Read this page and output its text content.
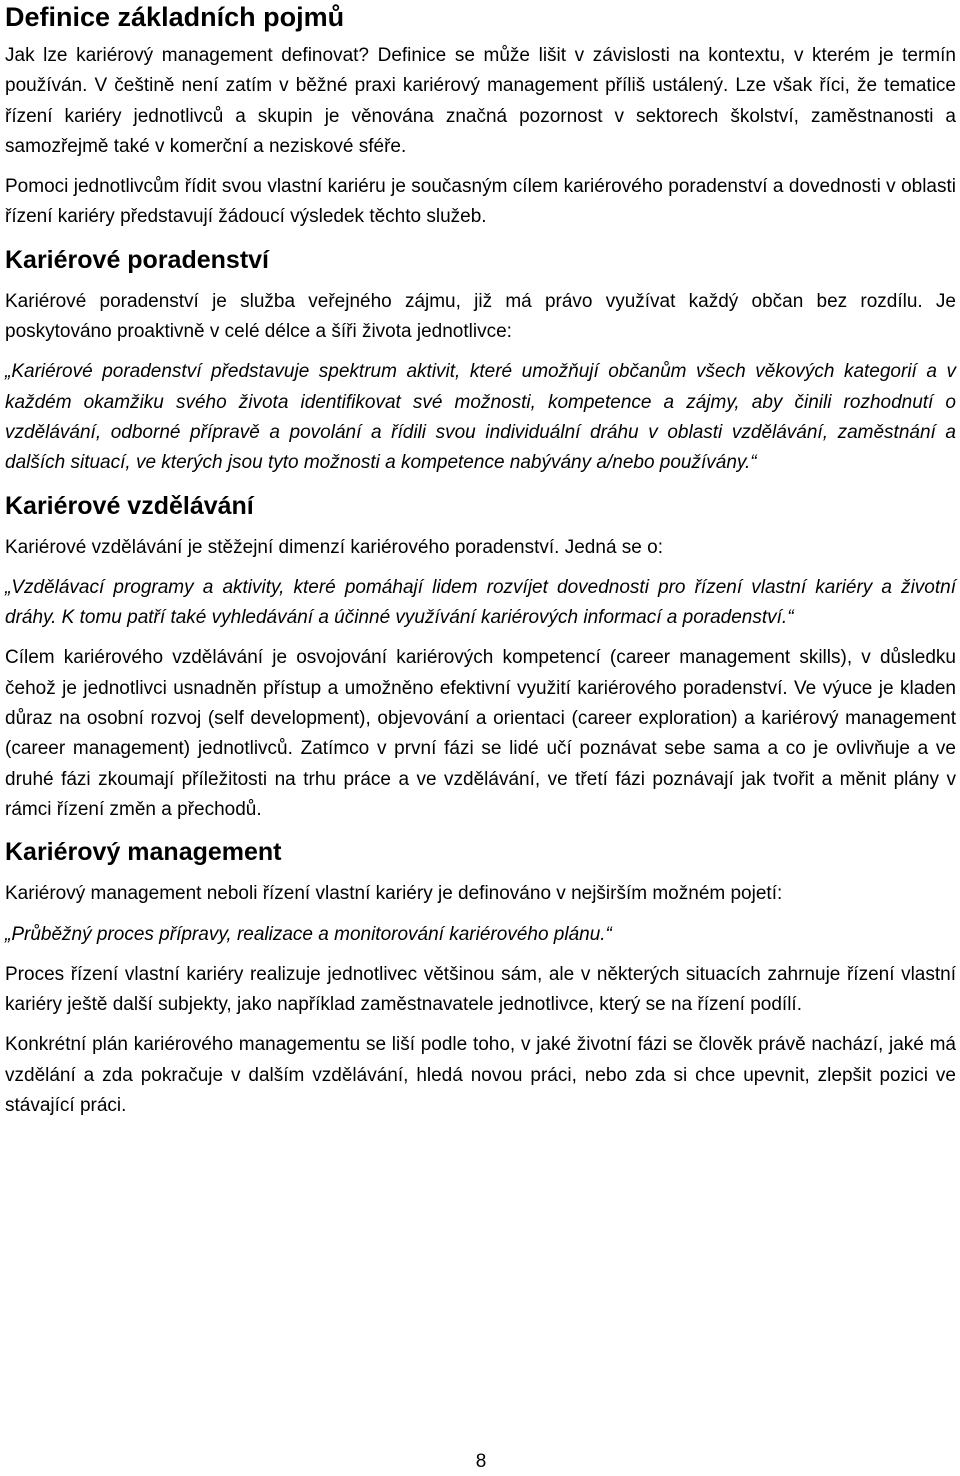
Definice základních pojmů

Jak lze kariérový management definovat? Definice se může lišit v závislosti na kontextu, v kterém je termín používán. V češtině není zatím v běžné praxi kariérový management příliš ustálený. Lze však říci, že tematice řízení kariéry jednotlivců a skupin je věnována značná pozornost v sektorech školství, zaměstnanosti a samozřejmě také v komerční a neziskové sféře.

Pomoci jednotlivcům řídit svou vlastní kariéru je současným cílem kariérového poradenství a dovednosti v oblasti řízení kariéry představují žádoucí výsledek těchto služeb.

Kariérové poradenství

Kariérové poradenství je služba veřejného zájmu, již má právo využívat každý občan bez rozdílu. Je poskytováno proaktivně v celé délce a šíři života jednotlivce:

„Kariérové poradenství představuje spektrum aktivit, které umožňují občanům všech věkových kategorií a v každém okamžiku svého života identifikovat své možnosti, kompetence a zájmy, aby činili rozhodnutí o vzdělávání, odborné přípravě a povolání a řídili svou individuální dráhu v oblasti vzdělávání, zaměstnání a dalších situací, ve kterých jsou tyto možnosti a kompetence nabývány a/nebo používány.“

Kariérové vzdělávání

Kariérové vzdělávání je stěžejní dimenzí kariérového poradenství. Jedná se o:

„Vzdělávací programy a aktivity, které pomáhají lidem rozvíjet dovednosti pro řízení vlastní kariéry a životní dráhy. K tomu patří také vyhledávání a účinné využívání kariérových informací a poradenství.“

Cílem kariérového vzdělávání je osvojování kariérových kompetencí (career management skills), v důsledku čehož je jednotlivci usnadněn přístup a umožněno efektivní využití kariérového poradenství. Ve výuce je kladen důraz na osobní rozvoj (self development), objevování a orientaci (career exploration) a kariérový management (career management) jednotlivců. Zatímco v první fázi se lidé učí poznávat sebe sama a co je ovlivňuje a ve druhé fázi zkoumají příležitosti na trhu práce a ve vzdělávání, ve třetí fázi poznávají jak tvořit a měnit plány v rámci řízení změn a přechodů.

Kariérový management

Kariérový management neboli řízení vlastní kariéry je definováno v nejširším možném pojetí:

„Průběžný proces přípravy, realizace a monitorování kariérového plánu.“

Proces řízení vlastní kariéry realizuje jednotlivec většinou sám, ale v některých situacích zahrnuje řízení vlastní kariéry ještě další subjekty, jako například zaměstnavatele jednotlivce, který se na řízení podílí.

Konkrétní plán kariérového managementu se liší podle toho, v jaké životní fázi se člověk právě nachází, jaké má vzdělání a zda pokračuje v dalším vzdělávání, hledá novou práci, nebo zda si chce upevnit, zlepšit pozici ve stávající práci.

8
